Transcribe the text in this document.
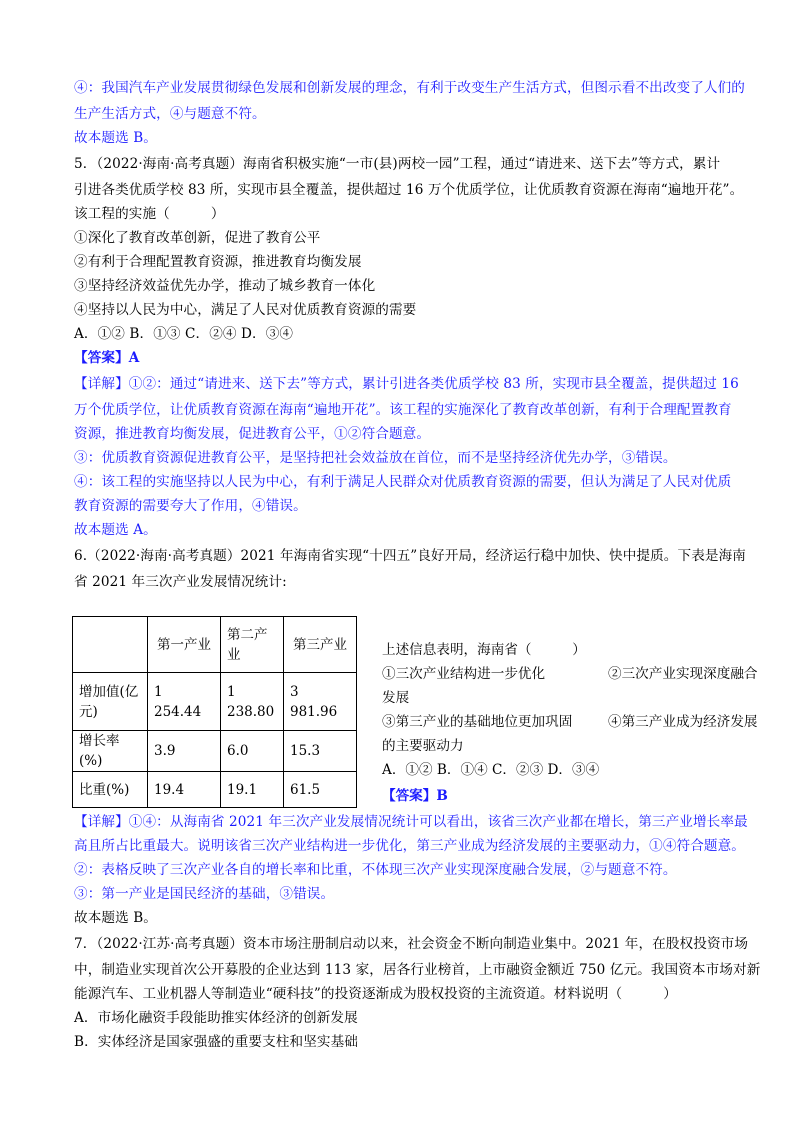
④：我国汽车产业发展贯彻绿色发展和创新发展的理念，有利于改变生产生活方式，但图示看不出改变了人们的

生产生活方式，④与题意不符。

故本题选 B。

5．（2022·海南·高考真题）海南省积极实施“一市(县)两校一园”工程，通过“请进来、送下去”等方式，累计

引进各类优质学校 83 所，实现市县全覆盖，提供超过 16 万个优质学位，让优质教育资源在海南“遍地开花”。

该工程的实施（　　　）

①深化了教育改革创新，促进了教育公平

②有利于合理配置教育资源，推进教育均衡发展

③坚持经济效益优先办学，推动了城乡教育一体化

④坚持以人民为中心，满足了人民对优质教育资源的需要

A．①② B．①③ C．②④ D．③④

【答案】A

【详解】①②：通过“请进来、送下去”等方式，累计引进各类优质学校 83 所，实现市县全覆盖，提供超过 16

万个优质学位，让优质教育资源在海南“遍地开花”。该工程的实施深化了教育改革创新，有利于合理配置教育

资源，推进教育均衡发展，促进教育公平，①②符合题意。

③：优质教育资源促进教育公平，是坚持把社会效益放在首位，而不是坚持经济优先办学，③错误。

④：该工程的实施坚持以人民为中心，有利于满足人民群众对优质教育资源的需要，但认为满足了人民对优质

教育资源的需要夸大了作用，④错误。

故本题选 A。

6.（2022·海南·高考真题）2021 年海南省实现“十四五”良好开局，经济运行稳中加快、快中提质。下表是海南

省 2021 年三次产业发展情况统计:

	第一产业	第二产业	第三产业
增加值(亿元)	1 254.44	1 238.80	3 981.96
增长率(%)	3.9	6.0	15.3
比重(%)	19.4	19.1	61.5

上述信息表明，海南省（　　　）

①三次产业结构进一步优化	②三次产业实现深度融合

发展

③第三产业的基础地位更加巩固	④第三产业成为经济发展

的主要驱动力

A．①② B．①④ C．②③ D．③④

【答案】B

【详解】①④：从海南省 2021 年三次产业发展情况统计可以看出，该省三次产业都在增长，第三产业增长率最

高且所占比重最大。说明该省三次产业结构进一步优化，第三产业成为经济发展的主要驱动力，①④符合题意。

②：表格反映了三次产业各自的增长率和比重，不体现三次产业实现深度融合发展，②与题意不符。

③：第一产业是国民经济的基础，③错误。

故本题选 B。

7．（2022·江苏·高考真题）资本市场注册制启动以来，社会资金不断向制造业集中。2021 年，在股权投资市场

中，制造业实现首次公开募股的企业达到 113 家，居各行业榜首，上市融资金额近 750 亿元。我国资本市场对新

能源汽车、工业机器人等制造业“硬科技”的投资逐渐成为股权投资的主流资道。材料说明（　　　）

A．市场化融资手段能助推实体经济的创新发展

B．实体经济是国家强盛的重要支柱和坚实基础
